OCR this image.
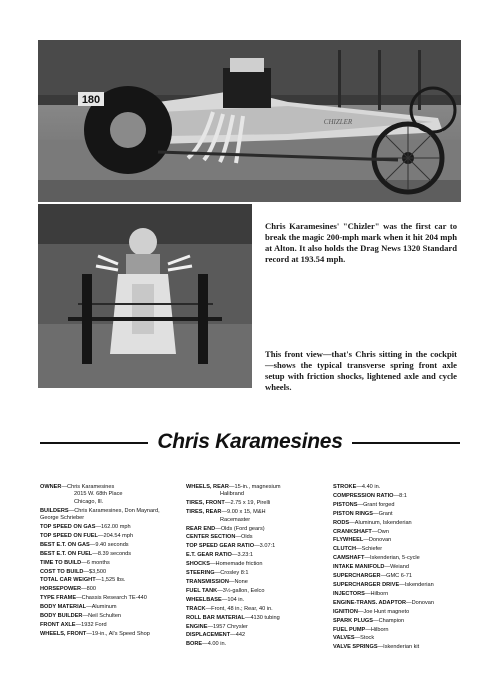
180
CHIZLER

Chris Karamesines' "Chizler" was the first car to break the magic 200-mph mark when it hit 204 mph at Alton. It also holds the Drag News 1320 Standard record at 193.54 mph.

This front view—that's Chris sitting in the cockpit—shows the typical transverse spring front axle setup with friction shocks, lightened axle and cycle wheels.

Chris Karamesines
OWNER—Chris Karamesines
2015 W. 68th Place
Chicago, Ill.
BUILDERS—Chris Karamesines, Don Maynard, George Schrieber
TOP SPEED ON GAS—162.00 mph
TOP SPEED ON FUEL—204.54 mph
BEST E.T. ON GAS—9.40 seconds
BEST E.T. ON FUEL—8.39 seconds
TIME TO BUILD—6 months
COST TO BUILD—$3,500
TOTAL CAR WEIGHT—1,525 lbs.
HORSEPOWER—800
TYPE FRAME—Chassis Research TE-440
BODY MATERIAL—Aluminum
BODY BUILDER—Neil Schulten
FRONT AXLE—1932 Ford
WHEELS, FRONT—19-in., Al's Speed Shop
WHEELS, REAR—15-in., magnesium
Halibrand
TIRES, FRONT—2.75 x 19, Pirelli
TIRES, REAR—9.00 x 15, M&H
Racemaster
REAR END—Olds (Ford gears)
CENTER SECTION—Olds
TOP SPEED GEAR RATIO—3.07:1
E.T. GEAR RATIO—3.23:1
SHOCKS—Homemade friction
STEERING—Crosley 8:1
TRANSMISSION—None
FUEL TANK—3½-gallon, Eelco
WHEELBASE—104 in.
TRACK—Front, 48 in.; Rear, 40 in.
ROLL BAR MATERIAL—4130 tubing
ENGINE—1957 Chrysler
DISPLACEMENT—442
BORE—4.00 in.
STROKE—4.40 in.
COMPRESSION RATIO—8:1
PISTONS—Grant forged
PISTON RINGS—Grant
RODS—Aluminum, Iskenderian
CRANKSHAFT—Own
FLYWHEEL—Donovan
CLUTCH—Schiefer
CAMSHAFT—Iskenderian, 5-cycle
INTAKE MANIFOLD—Weiand
SUPERCHARGER—GMC 6-71
SUPERCHARGER DRIVE—Iskenderian
INJECTORS—Hilborn
ENGINE-TRANS. ADAPTOR—Donovan
IGNITION—Joe Hunt magneto
SPARK PLUGS—Champion
FUEL PUMP—Hilborn
VALVES—Stock
VALVE SPRINGS—Iskenderian kit
